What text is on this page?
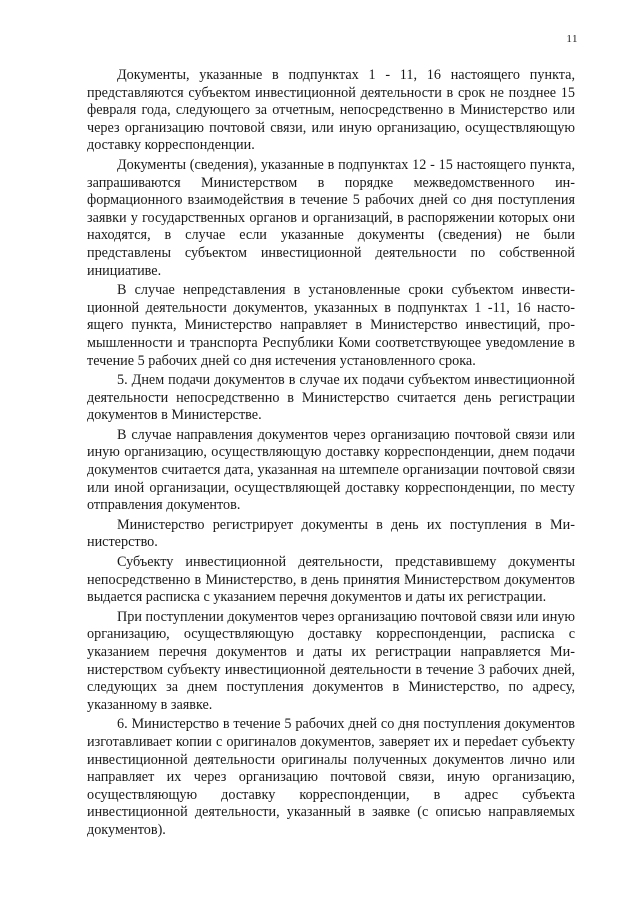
11

Документы, указанные в подпунктах 1 - 11, 16 настоящего пункта, представляются субъектом инвестиционной деятельности в срок не позднее 15 февраля года, следующего за отчетным, непосредственно в Министерство или через организацию почтовой связи, или иную организацию, осуществляющую доставку корреспонденции.

Документы (сведения), указанные в подпунктах 12 - 15 настоящего пункта, запрашиваются Министерством в порядке межведомственного информационного взаимодействия в течение 5 рабочих дней со дня поступления заявки у государственных органов и организаций, в распоряжении которых они находятся, в случае если указанные документы (сведения) не были представлены субъектом инвестиционной деятельности по собственной инициативе.

В случае непредставления в установленные сроки субъектом инвестиционной деятельности документов, указанных в подпунктах 1 -11, 16 настоящего пункта, Министерство направляет в Министерство инвестиций, промышленности и транспорта Республики Коми соответствующее уведомление в течение 5 рабочих дней со дня истечения установленного срока.

5. Днем подачи документов в случае их подачи субъектом инвестиционной деятельности непосредственно в Министерство считается день регистрации документов в Министерстве.

В случае направления документов через организацию почтовой связи или иную организацию, осуществляющую доставку корреспонденции, днем подачи документов считается дата, указанная на штемпеле организации почтовой связи или иной организации, осуществляющей доставку корреспонденции, по месту отправления документов.

Министерство регистрирует документы в день их поступления в Министерство.

Субъекту инвестиционной деятельности, представившему документы непосредственно в Министерство, в день принятия Министерством документов выдается расписка с указанием перечня документов и даты их регистрации.

При поступлении документов через организацию почтовой связи или иную организацию, осуществляющую доставку корреспонденции, расписка с указанием перечня документов и даты их регистрации направляется Министерством субъекту инвестиционной деятельности в течение 3 рабочих дней, следующих за днем поступления документов в Министерство, по адресу, указанному в заявке.

6. Министерство в течение 5 рабочих дней со дня поступления документов изготавливает копии с оригиналов документов, заверяет их и переdает субъекту инвестиционной деятельности оригиналы полученных документов лично или направляет их через организацию почтовой связи, иную организацию, осуществляющую доставку корреспонденции, в адрес субъекта инвестиционной деятельности, указанный в заявке (с описью направляемых документов).
